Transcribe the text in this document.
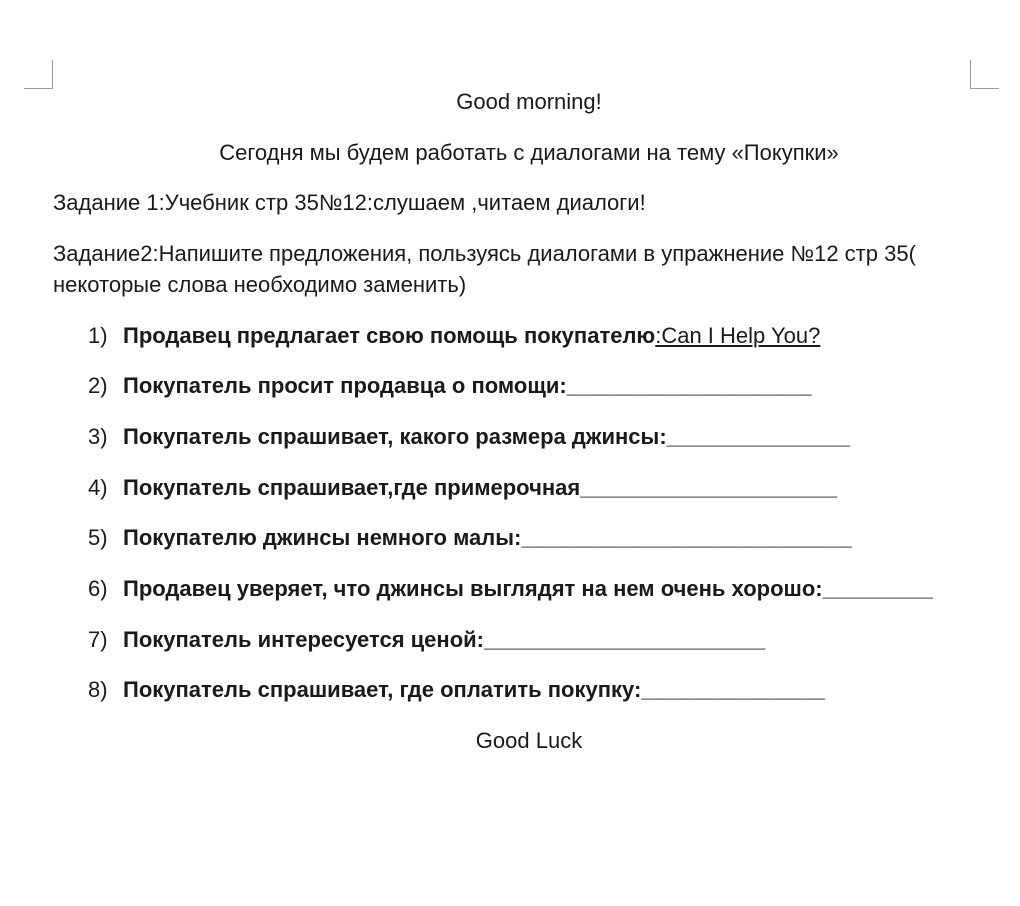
Good morning!
Сегодня мы будем работать с диалогами на тему «Покупки»
Задание 1:Учебник стр 35№12:слушаем ,читаем диалоги!
Задание2:Напишите предложения, пользуясь диалогами в упражнение №12 стр 35( некоторые слова необходимо заменить)
1) Продавец предлагает свою помощь покупателю:Can I Help You?
2) Покупатель просит продавца о помощи:____________________
3) Покупатель спрашивает, какого размера джинсы:_______________
4) Покупатель спрашивает,где примерочная_____________________
5) Покупателю джинсы немного малы:___________________________
6) Продавец уверяет, что джинсы выглядят на нем очень хорошо:_________
7) Покупатель интересуется ценой:_______________________
8) Покупатель спрашивает, где оплатить покупку:_______________
Good Luck
